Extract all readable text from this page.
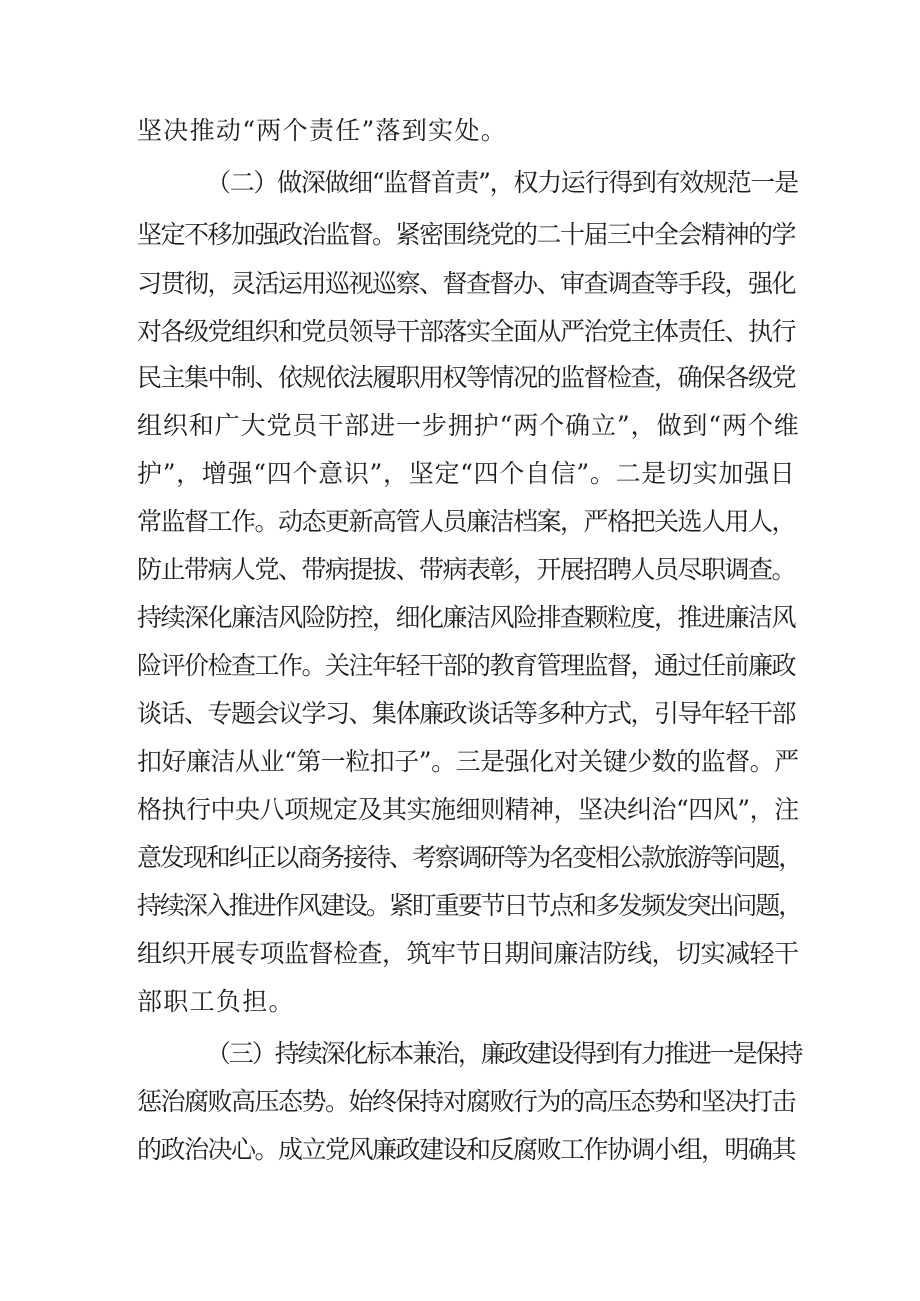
坚决推动“两个责任”落到实处。
（二）做深做细“监督首责”，权力运行得到有效规范一是
坚定不移加强政治监督。紧密围绕党的二十届三中全会精神的学
习贯彻，灵活运用巡视巡察、督查督办、审查调查等手段，强化
对各级党组织和党员领导干部落实全面从严治党主体责任、执行
民主集中制、依规依法履职用权等情况的监督检查，确保各级党
组织和广大党员干部进一步拥护“两个确立”，做到“两个维
护”，增强“四个意识”，坚定“四个自信”。二是切实加强日
常监督工作。动态更新高管人员廉洁档案，严格把关选人用人，
防止带病人党、带病提拔、带病表彰，开展招聘人员尽职调查。
持续深化廉洁风险防控，细化廉洁风险排查颗粒度，推进廉洁风
险评价检查工作。关注年轻干部的教育管理监督，通过任前廉政
谈话、专题会议学习、集体廉政谈话等多种方式，引导年轻干部
扣好廉洁从业“第一粒扣子”。三是强化对关键少数的监督。严
格执行中央八项规定及其实施细则精神，坚决纠治“四风”，注
意发现和纠正以商务接待、考察调研等为名变相公款旅游等问题，
持续深入推进作风建设。紧盯重要节日节点和多发频发突出问题，
组织开展专项监督检查，筑牢节日期间廉洁防线，切实减轻干
部职工负担。
（三）持续深化标本兼治，廉政建设得到有力推进一是保持
惩治腐败高压态势。始终保持对腐败行为的高压态势和坚决打击
的政治决心。成立党风廉政建设和反腐败工作协调小组，明确其
